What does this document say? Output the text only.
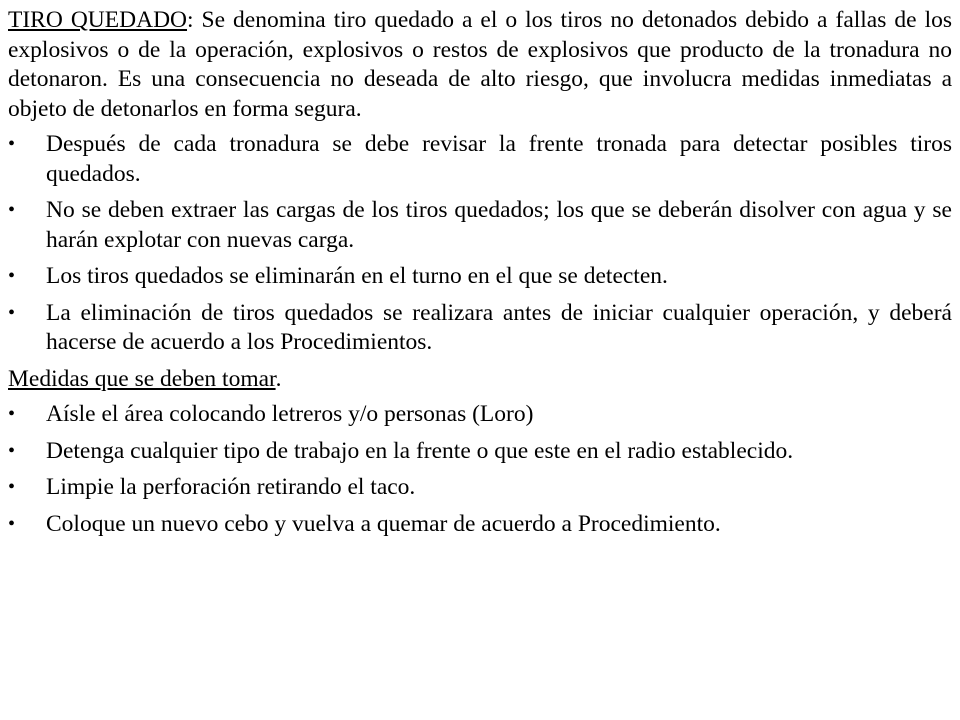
TIRO QUEDADO: Se denomina tiro quedado a el o los tiros no detonados debido a fallas de los explosivos o de la operación, explosivos o restos de explosivos que producto de la tronadura no detonaron. Es una consecuencia no deseada de alto riesgo, que involucra medidas inmediatas a objeto de detonarlos en forma segura.

• Después de cada tronadura se debe revisar la frente tronada para detectar posibles tiros quedados.
• No se deben extraer las cargas de los tiros quedados; los que se deberán disolver con agua y se harán explotar con nuevas carga.
• Los tiros quedados se eliminarán en el turno en el que se detecten.
• La eliminación de tiros quedados se realizara antes de iniciar cualquier operación, y deberá hacerse de acuerdo a los Procedimientos.

Medidas que se deben tomar.

• Aísle el área colocando letreros y/o personas (Loro)
• Detenga cualquier tipo de trabajo en la frente o que este en el radio establecido.
• Limpie la perforación retirando el taco.
• Coloque un nuevo cebo y vuelva a quemar de acuerdo a Procedimiento.
